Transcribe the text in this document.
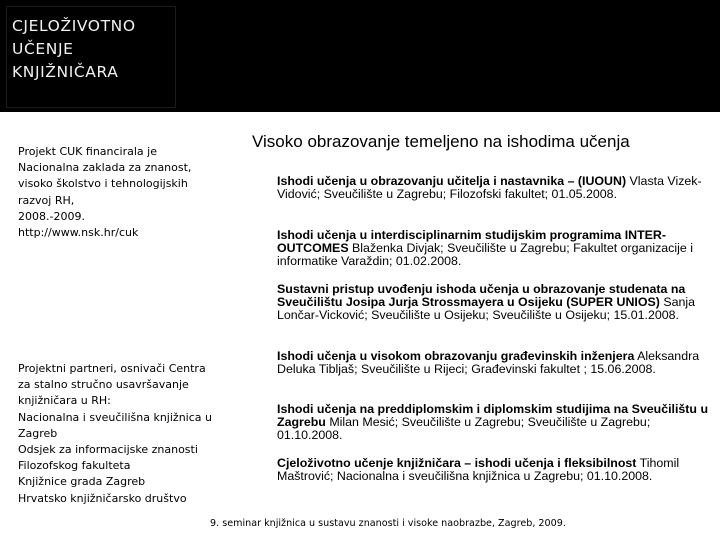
CJELOŽIVOTNO
UČENJE
KNJIŽNIČARA
Projekt CUK financirala je
Nacionalna zaklada za znanost,
visoko školstvo i tehnologijskih
razvoj RH,
2008.-2009.
http://www.nsk.hr/cuk
Projektni partneri, osnivači Centra
za stalno stručno usavršavanje
knjižničara u RH:
Nacionalna i sveučilišna knjižnica u
Zagreb
Odsjek za informacijske znanosti
Filozofskog fakulteta
Knjižnice grada Zagreb
Hrvatsko knjižničarsko društvo
Visoko obrazovanje temeljeno na ishodima učenja
Ishodi učenja u obrazovanju učitelja i nastavnika – (IUOUN) Vlasta Vizek-Vidović; Sveučilište u Zagrebu; Filozofski fakultet; 01.05.2008.
Ishodi učenja u interdisciplinarnim studijskim programima INTER-OUTCOMES Blaženka Divjak; Sveučilište u Zagrebu; Fakultet organizacije i informatike Varaždin; 01.02.2008.
Sustavni pristup uvođenju ishoda učenja u obrazovanje studenata na Sveučilištu Josipa Jurja Strossmayera u Osijeku (SUPER UNIOS) Sanja Lončar-Vicković; Sveučilište u Osijeku; Sveučilište u Osijeku; 15.01.2008.
Ishodi učenja u visokom obrazovanju građevinskih inženjera Aleksandra Deluka Tibljaš; Sveučilište u Rijeci; Građevinski fakultet ; 15.06.2008.
Ishodi učenja na preddiplomskim i diplomskim studijima na Sveučilištu u Zagrebu Milan Mesić; Sveučilište u Zagrebu; Sveučilište u Zagrebu; 01.10.2008.
Cjeloživotno učenje knjižničara – ishodi učenja i fleksibilnost Tihomil Maštrović; Nacionalna i sveučilišna knjižnica u Zagrebu; 01.10.2008.
9. seminar knjižnica u sustavu znanosti i visoke naobrazbe, Zagreb, 2009.
